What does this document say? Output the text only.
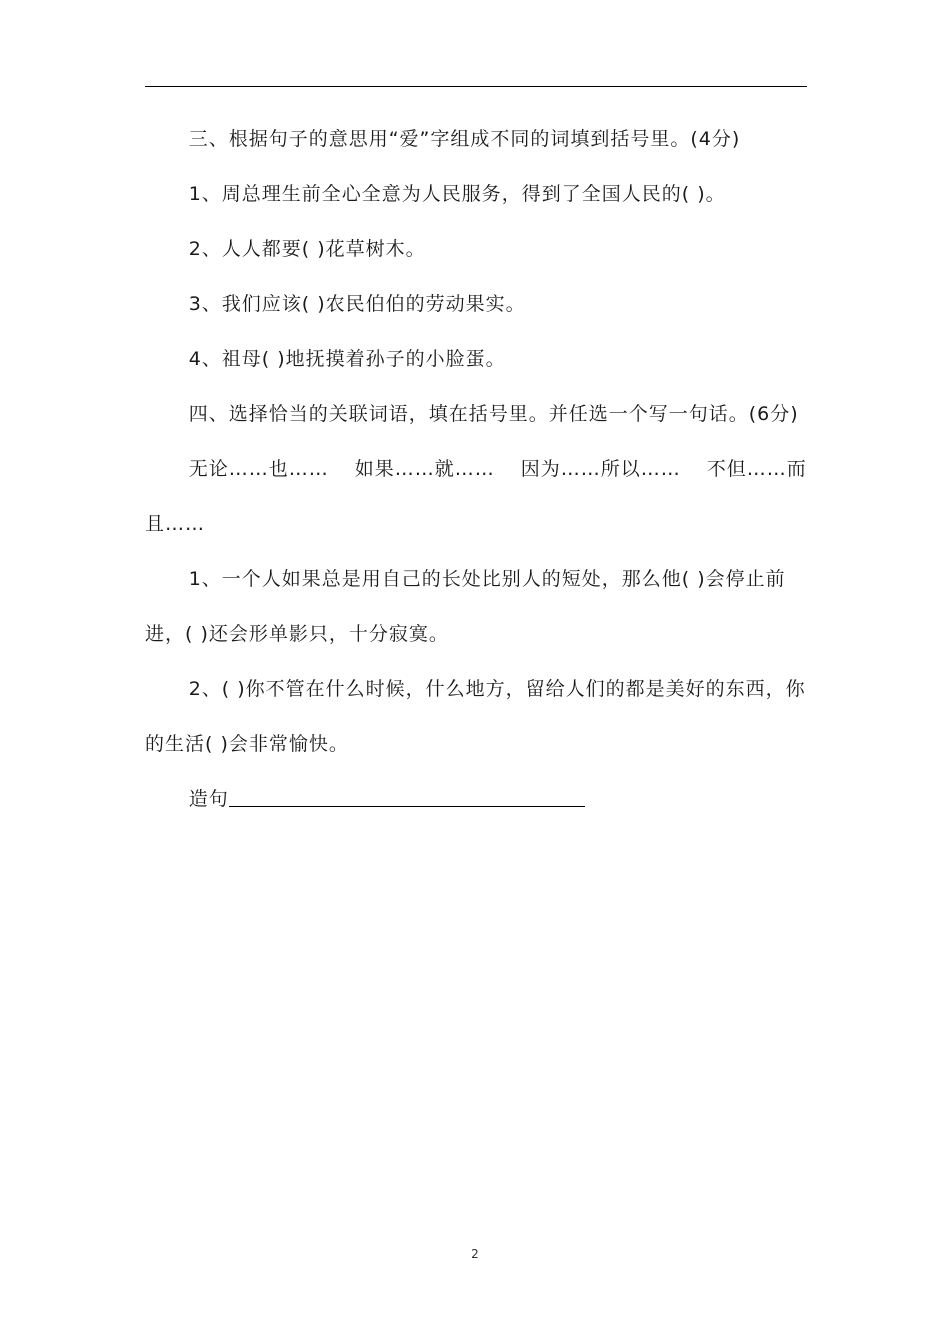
三、根据句子的意思用“爱”字组成不同的词填到括号里。(4分)

1、周总理生前全心全意为人民服务，得到了全国人民的( )。

2、人人都要( )花草树木。

3、我们应该( )农民伯伯的劳动果实。

4、祖母( )地抚摸着孙子的小脸蛋。

四、选择恰当的关联词语，填在括号里。并任选一个写一句话。(6分)

无论……也…… 如果……就…… 因为……所以…… 不但……而且……

1、一个人如果总是用自己的长处比别人的短处，那么他( )会停止前进，( )还会形单影只，十分寂寞。

2、( )你不管在什么时候，什么地方，留给人们的都是美好的东西，你的生活( )会非常愉快。

造句

2
